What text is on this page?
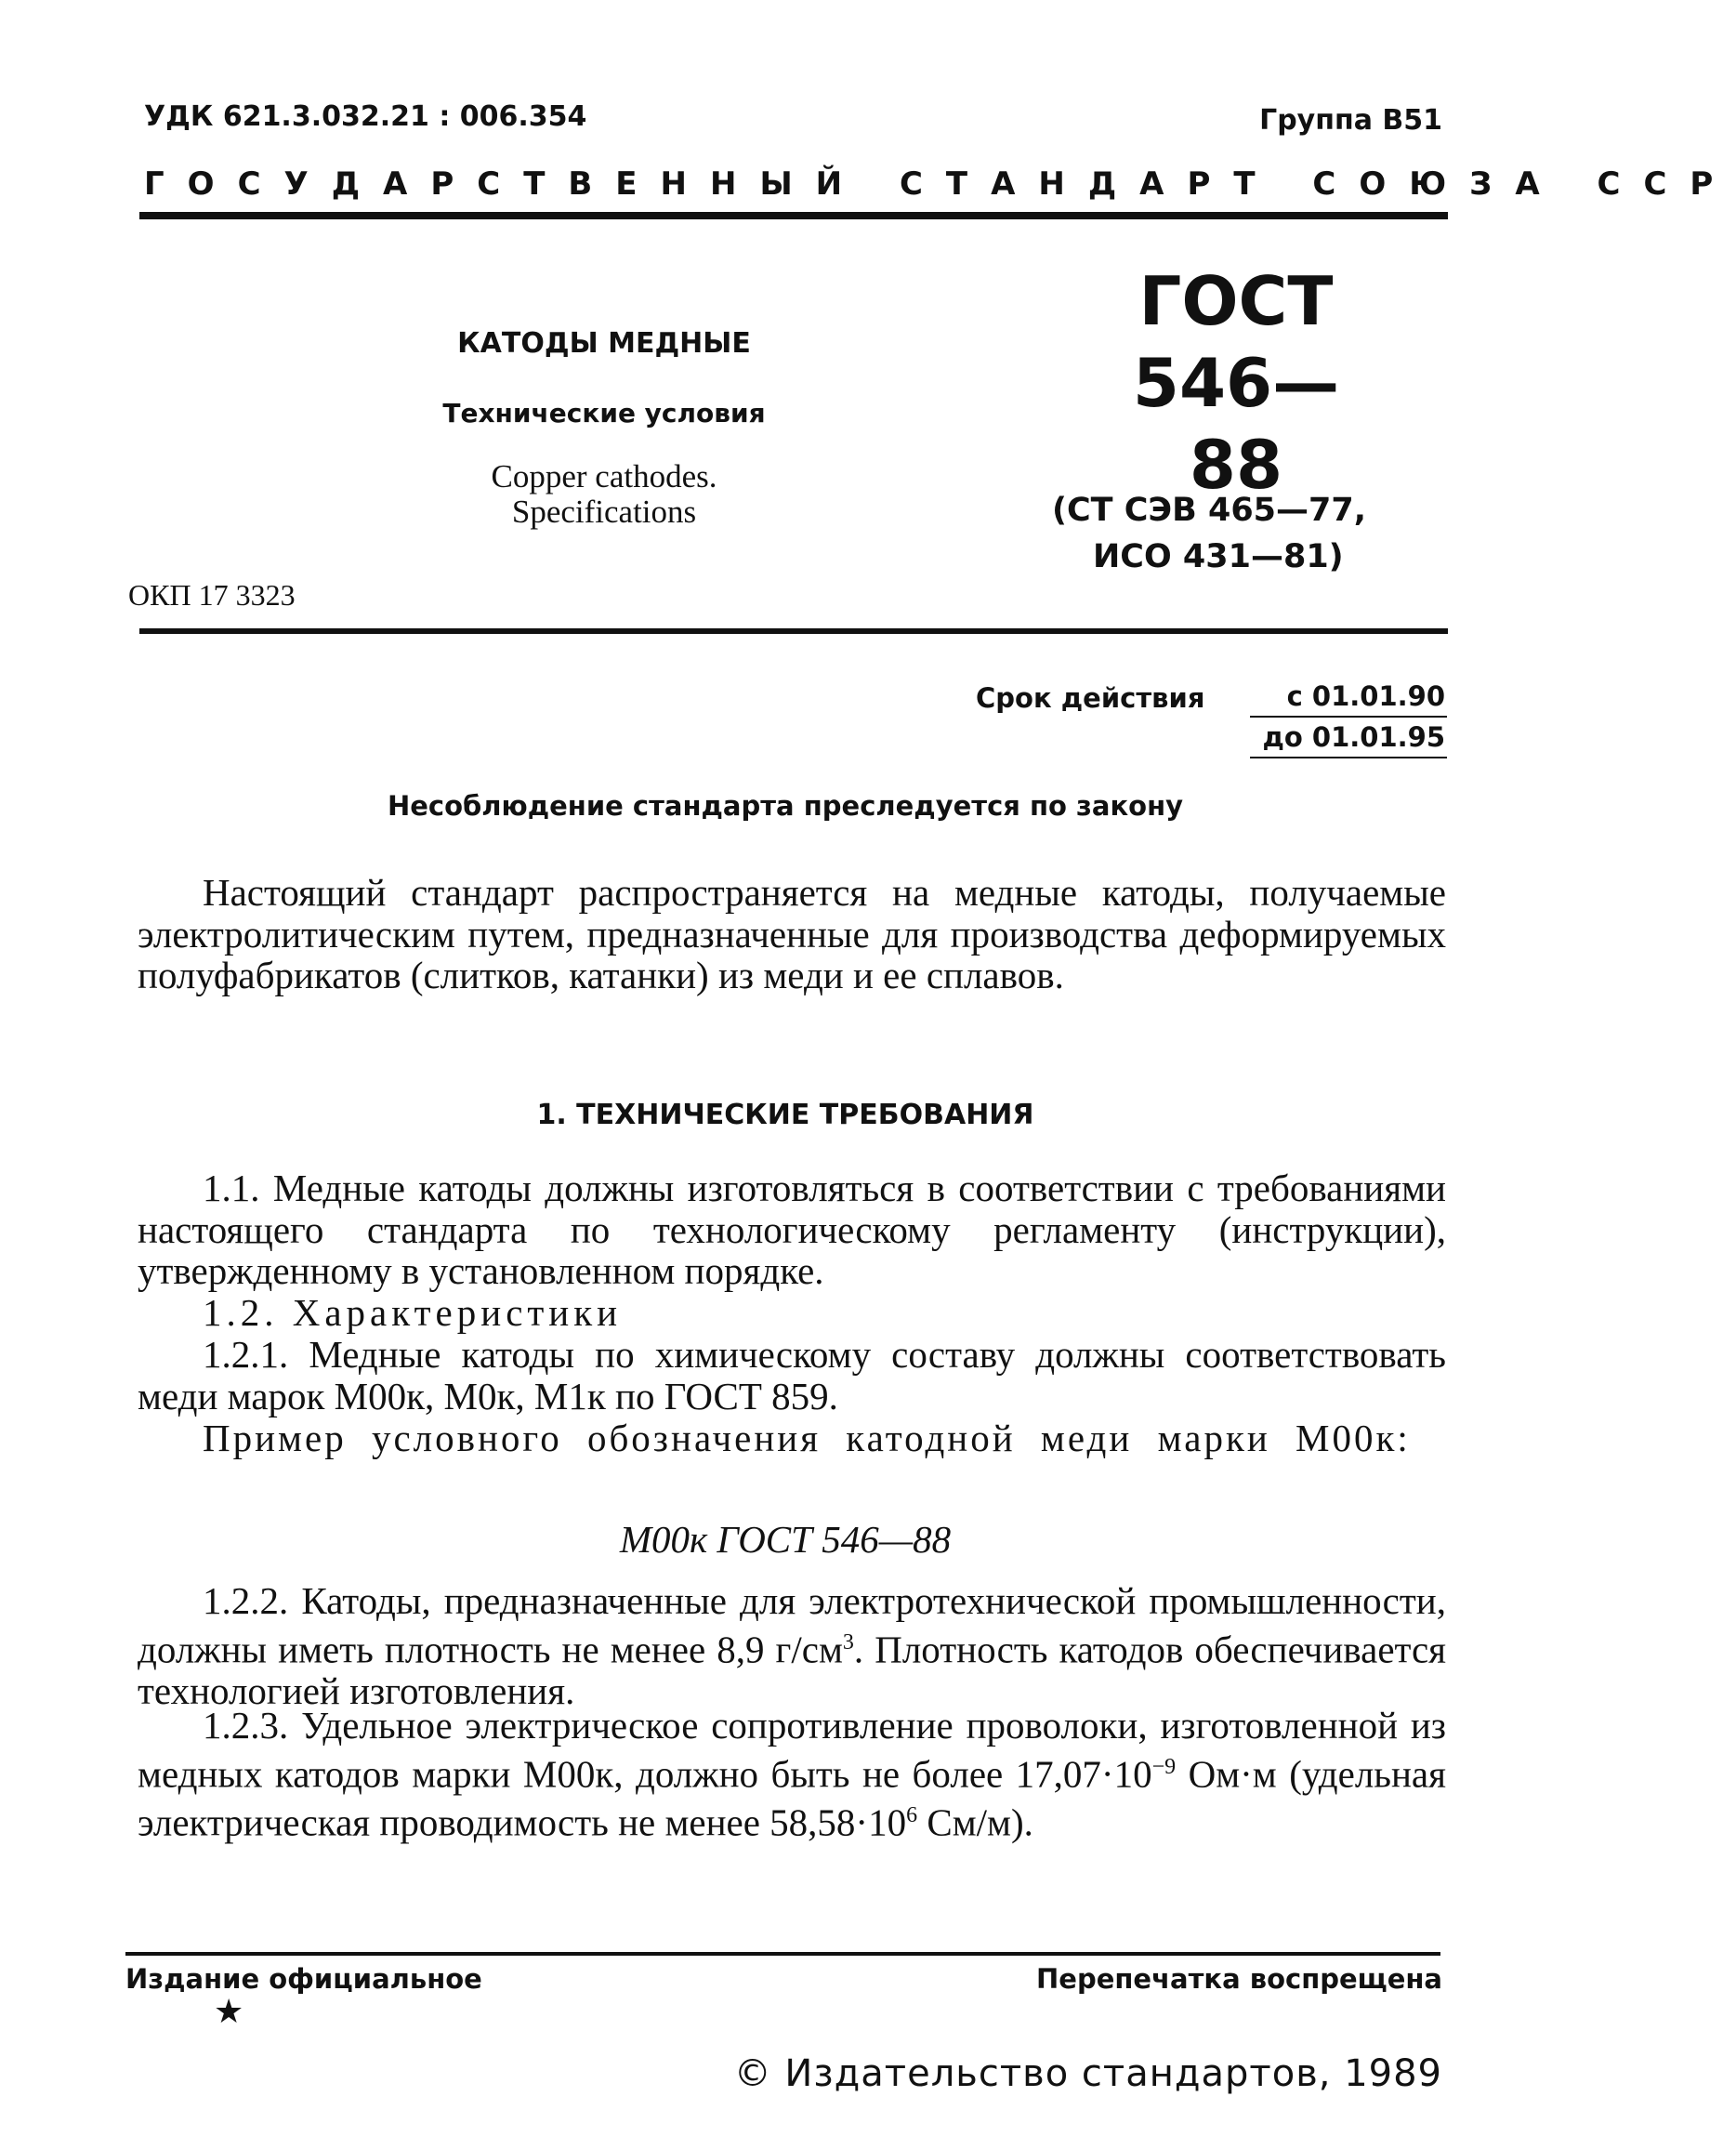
УДК 621.3.032.21 : 006.354	Группа В51
ГОСУДАРСТВЕННЫЙ СТАНДАРТ СОЮЗА ССР
КАТОДЫ МЕДНЫЕ
Технические условия
Copper cathodes.
Specifications
ГОСТ
546—88
(СТ СЭВ 465—77,
ИСО 431—81)
ОКП 17 3323
Срок действия	с 01.01.90
до 01.01.95
Несоблюдение стандарта преследуется по закону

Настоящий стандарт распространяется на медные катоды, получаемые электролитическим путем, предназначенные для производства деформируемых полуфабрикатов (слитков, катанки) из меди и ее сплавов.

1. ТЕХНИЧЕСКИЕ ТРЕБОВАНИЯ

1.1. Медные катоды должны изготовляться в соответствии с требованиями настоящего стандарта по технологическому регламенту (инструкции), утвержденному в установленном порядке.

1.2. Характеристики

1.2.1. Медные катоды по химическому составу должны соответствовать меди марок М00к, М0к, М1к по ГОСТ 859.

Пример условного обозначения катодной меди марки М00к:

М00к ГОСТ 546—88

1.2.2. Катоды, предназначенные для электротехнической промышленности, должны иметь плотность не менее 8,9 $г/см^3$. Плотность катодов обеспечивается технологией изготовления.

1.2.3. Удельное электрическое сопротивление проволоки, изготовленной из медных катодов марки М00к, должно быть не более $17,07\cdot 10^{-9}$ Ом·м (удельная электрическая проводимость не менее $58,58\cdot 10^6$ См/м).

Издание официальное
★
Перепечатка воспрещена
© Издательство стандартов, 1989
